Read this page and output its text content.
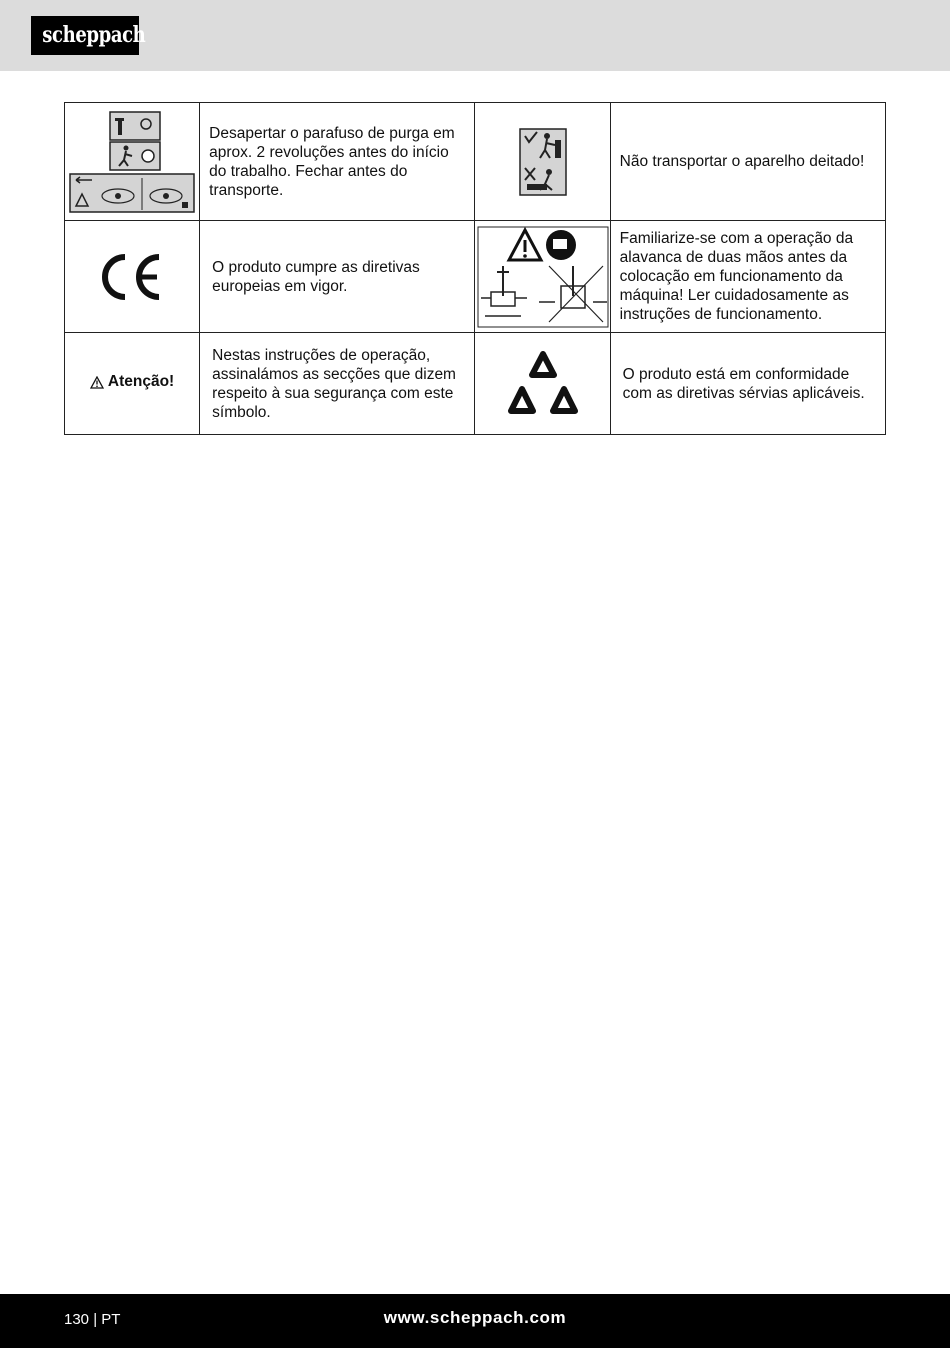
scheppach

Desapertar o parafuso de purga em aprox. 2 revoluções antes do início do trabalho. Fechar antes do transporte.		Não transportar o aparelho deitado!

O produto cumpre as diretivas europeias em vigor.		Familiarize-se com a operação da alavanca de duas mãos antes da colocação em funcionamento da máquina! Ler cuidadosamente as instruções de funcionamento.

Atenção!	Nestas instruções de operação, assinalámos as secções que dizem respeito à sua segurança com este símbolo.		O produto está em conformidade com as diretivas sérvias aplicáveis.
130 | PT	www.scheppach.com
